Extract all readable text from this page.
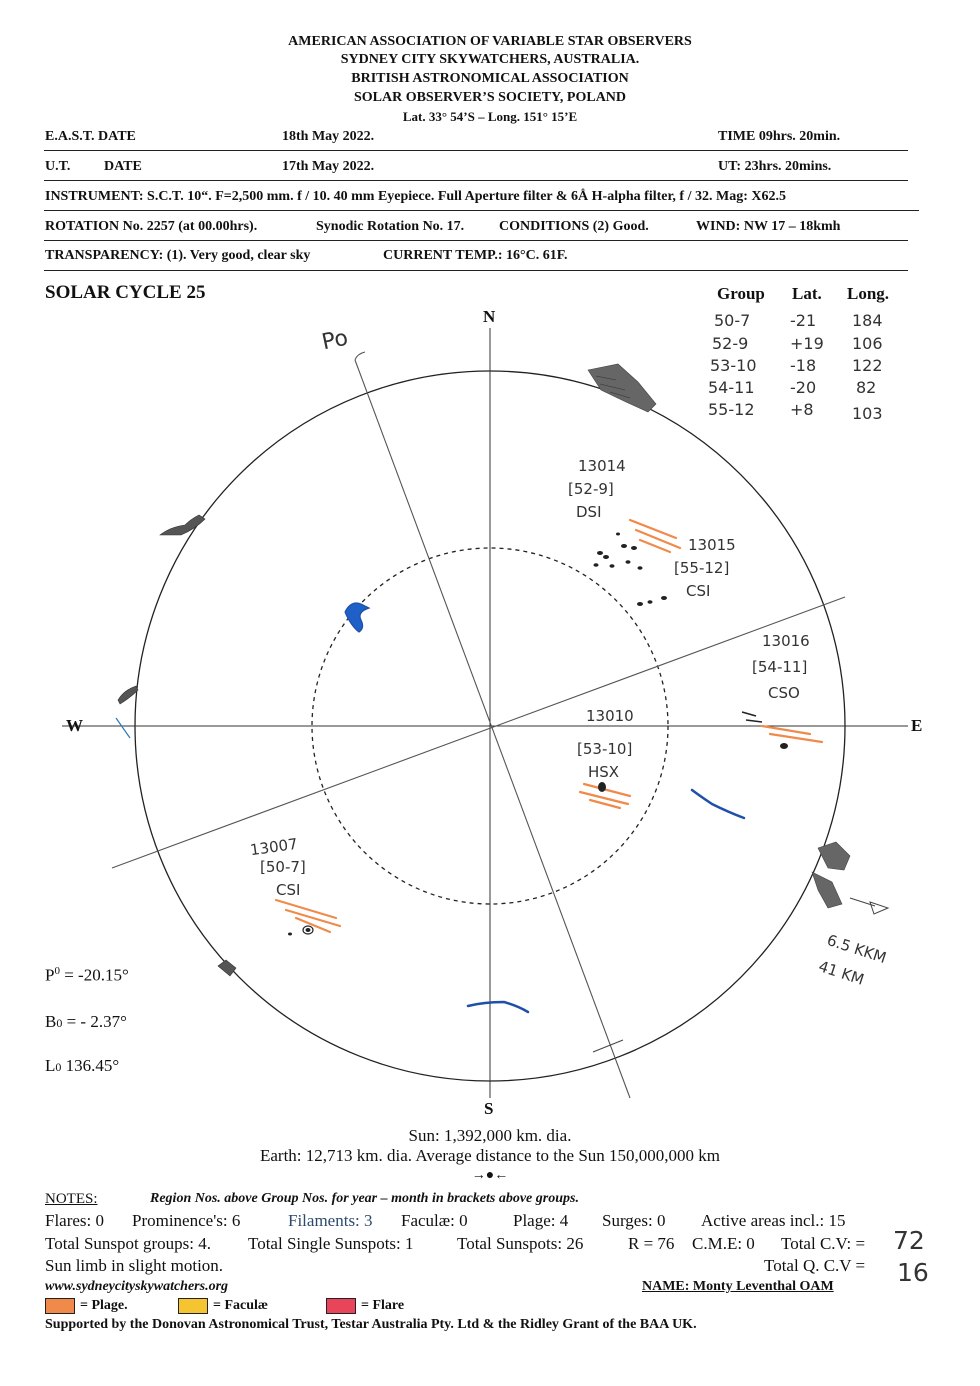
AMERICAN ASSOCIATION OF VARIABLE STAR OBSERVERS
SYDNEY CITY SKYWATCHERS, AUSTRALIA.
BRITISH ASTRONOMICAL ASSOCIATION
SOLAR OBSERVER’S SOCIETY, POLAND
Lat. 33° 54’S – Long. 151° 15’E
E.A.S.T. DATE	18th May 2022.	TIME 09hrs. 20min.
U.T. DATE	17th May 2022.	UT: 23hrs. 20mins.
INSTRUMENT: S.C.T. 10“. F=2,500 mm. f / 10. 40 mm Eyepiece. Full Aperture filter & 6Å H-alpha filter, f / 32. Mag: X62.5
ROTATION No. 2257 (at 00.00hrs).	Synodic Rotation No. 17. CONDITIONS (2) Good.	WIND: NW 17 – 18kmh
TRANSPARENCY: (1). Very good, clear sky	CURRENT TEMP.: 16°C. 61F.
SOLAR CYCLE 25	Group Lat. Long.
50-7 -21 184
52-9	+19 106
53-10 -18 122
54-11 -20 82
55-12 +8 103
N
S
E
W
Po
13014
[52-9]
DSI
13015
[55-12]
CSI
13016
[54-11]
CSO
13010
[53-10]
HSX
13007
[50-7]
CSI
6.5 KKM
41 KM
$P^0 = -20.15^\circ$
B0 = - 2.37°
L0 136.45°
Sun: 1,392,000 km. dia.
Earth: 12,713 km. dia. Average distance to the Sun 150,000,000 km
→●←
NOTES:	Region Nos. above Group Nos. for year – month in brackets above groups.
Flares: 0 Prominence's: 6	Filaments: 3 Faculæ: 0	Plage: 4 Surges: 0 Active areas incl.: 15
Total Sunspot groups: 4. Total Single Sunspots: 1	Total Sunspots: 26	R = 76 C.M.E: 0 Total C.V: = 72
Sun limb in slight motion.	Total Q. C.V = 16
www.sydneycityskywatchers.org	NAME: Monty Leventhal OAM
= Plage.	= Faculæ	= Flare
Supported by the Donovan Astronomical Trust, Testar Australia Pty. Ltd & the Ridley Grant of the BAA UK.
